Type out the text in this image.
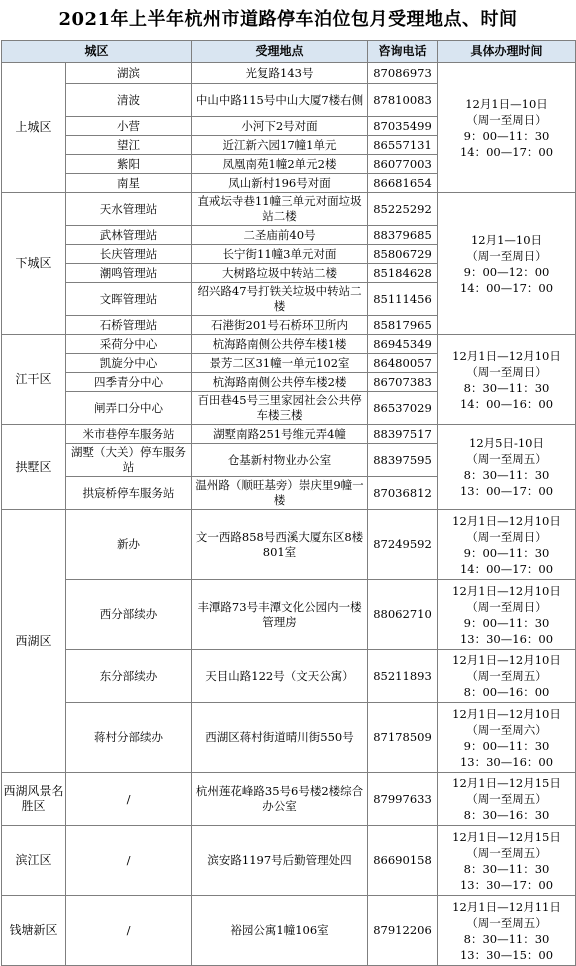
2021年上半年杭州市道路停车泊位包月受理地点、时间
城区		受理地点	咨询电话	具体办理时间
上城区	湖滨	光复路143号	87086973	12月1日—10日
（周一至周日）
9：00—11：30
14：00—17：00
	清波	中山中路115号中山大厦7楼右侧	87810083	
	小营	小河下2号对面	87035499	
	望江	近江新六园17幢1单元	86557131	
	紫阳	凤凰南苑1幢2单元2楼	86077003	
	南星	凤山新村196号对面	86681654	
下城区	天水管理站	直戒坛寺巷11幢三单元对面垃圾站二楼	85225292	12月1—10日
（周一至周日）
9：00—12：00
14：00—17：00
	武林管理站	二圣庙前40号	88379685	
	长庆管理站	长宁街11幢3单元对面	85806729	
	潮鸣管理站	大树路垃圾中转站二楼	85184628	
	文晖管理站	绍兴路47号打铁关垃圾中转站二楼	85111456	
	石桥管理站	石港街201号石桥环卫所内	85817965	
江干区	采荷分中心	杭海路南侧公共停车楼1楼	86945349	12月1日—12月10日
（周一至周日）
8：30—11：30
14：00—16：00
	凯旋分中心	景芳二区31幢一单元102室	86480057	
	四季青分中心	杭海路南侧公共停车楼2楼	86707383	
	闸弄口分中心	百田巷45号三里家园社会公共停车楼三楼	86537029	
拱墅区	米市巷停车服务站	湖墅南路251号维元弄4幢	88397517	12月5日-10日
（周一至周五）
8：30—11：30
13：00—17：00
	湖墅（大关）停车服务站	仓基新村物业办公室	88397595	
	拱宸桥停车服务站	温州路（顺旺基旁）崇庆里9幢一楼	87036812	
西湖区	新办	文一西路858号西溪大厦东区8楼801室	87249592	12月1日—12月10日
（周一至周日）
9：00—11：30
14：00—17：00
	西分部续办	丰潭路73号丰潭文化公园内一楼管理房	88062710	12月1日—12月10日
（周一至周日）
9：00—11：30
13：30—16：00
	东分部续办	天目山路122号（文天公寓）	85211893	12月1日—12月10日
（周一至周五）
8：00—16：00
	蒋村分部续办	西湖区蒋村街道晴川街550号	87178509	12月1日—12月10日
（周一至周六）
9：00—11：30
13：30—16：00
西湖风景名胜区	/	杭州莲花峰路35号6号楼2楼综合办公室	87997633	12月1日—12月15日
（周一至周五）
8：30—16：30
滨江区	/	滨安路1197号后勤管理处四	86690158	12月1日—12月15日
（周一至周五）
8：30—11：30
13：30—17：00
钱塘新区	/	裕园公寓1幢106室	87912206	12月1日—12月11日
（周一至周五）
8：30—11：30
13：30—15：00
